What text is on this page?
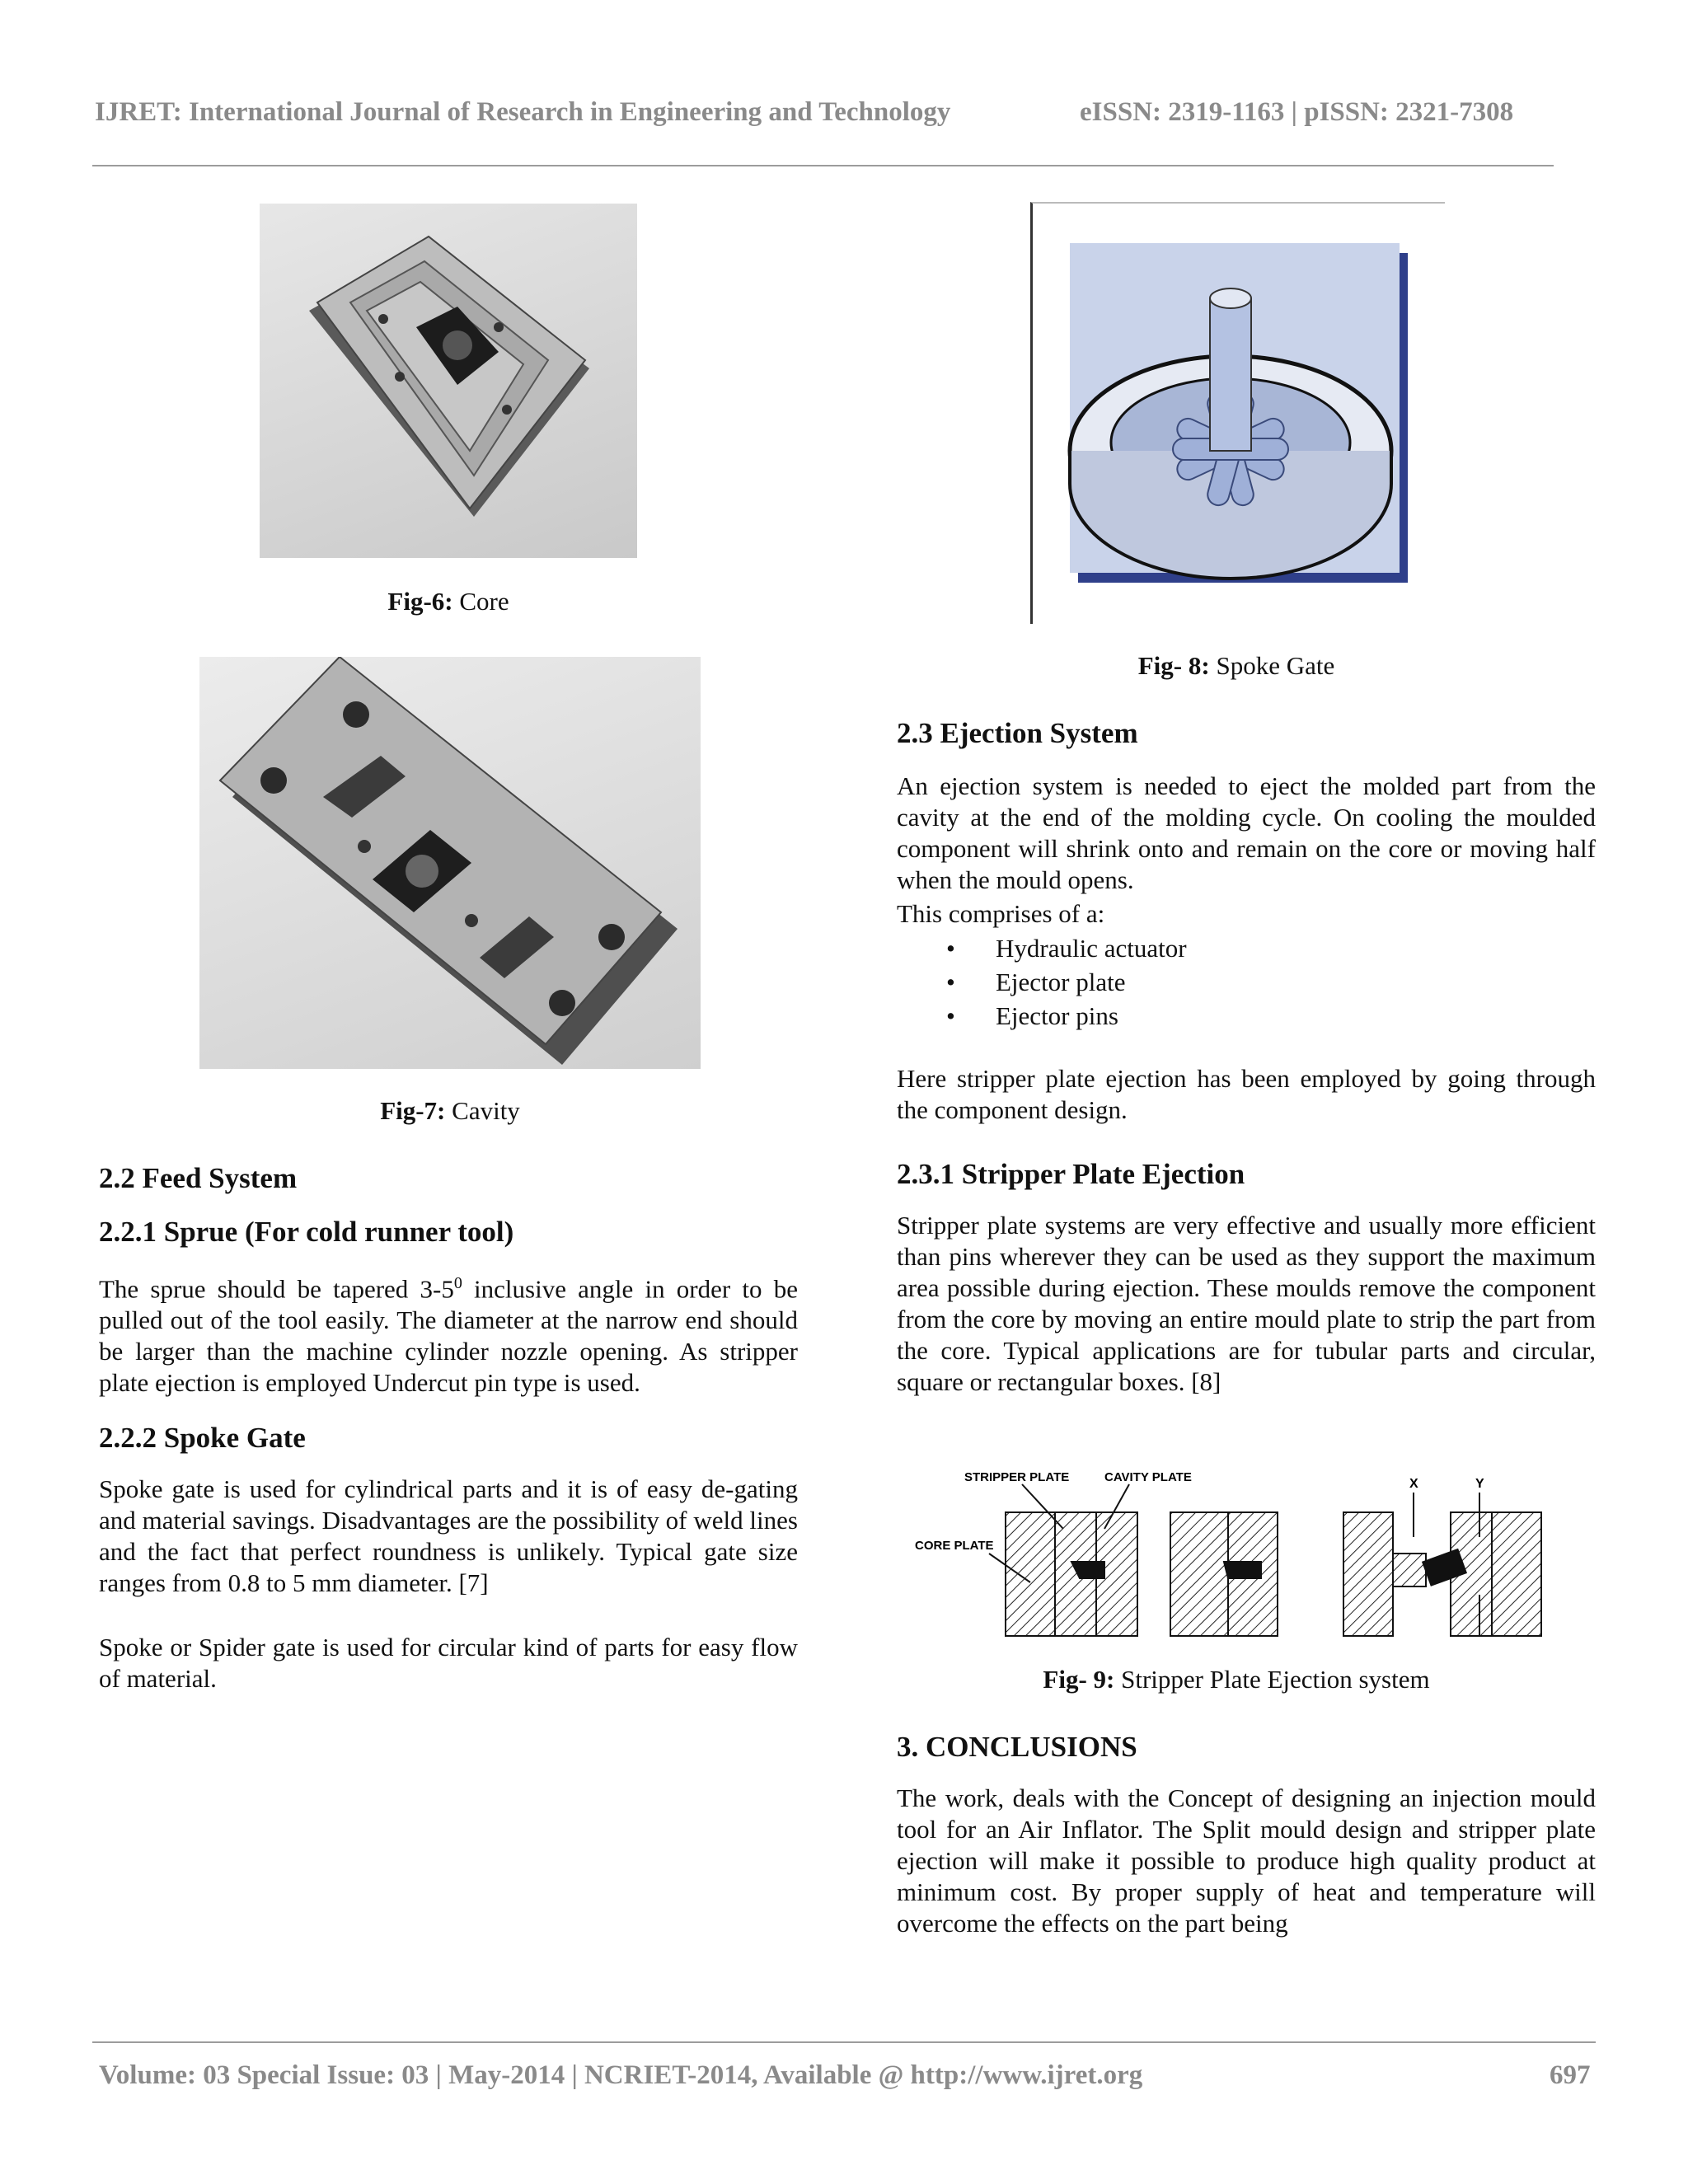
IJRET: International Journal of Research in Engineering and Technology	eISSN: 2319-1163 | pISSN: 2321-7308
Fig-6: Core
Fig-7: Cavity
2.2 Feed System
2.2.1 Sprue (For cold runner tool)

The sprue should be tapered $3-5^0$ inclusive angle in order to be pulled out of the tool easily. The diameter at the narrow end should be larger than the machine cylinder nozzle opening. As stripper plate ejection is employed Undercut pin type is used.

2.2.2 Spoke Gate

Spoke gate is used for cylindrical parts and it is of easy de-gating and material savings. Disadvantages are the possibility of weld lines and the fact that perfect roundness is unlikely. Typical gate size ranges from 0.8 to 5 mm diameter. [7]

Spoke or Spider gate is used for circular kind of parts for easy flow of material.

Fig- 8: Spoke Gate
2.3 Ejection System

An ejection system is needed to eject the molded part from the cavity at the end of the molding cycle. On cooling the moulded component will shrink onto and remain on the core or moving half when the mould opens.

This comprises of a:

• Hydraulic actuator
• Ejector plate
• Ejector pins

Here stripper plate ejection has been employed by going through the component design.

2.3.1 Stripper Plate Ejection

Stripper plate systems are very effective and usually more efficient than pins wherever they can be used as they support the maximum area possible during ejection. These moulds remove the component from the core by moving an entire mould plate to strip the part from the core. Typical applications are for tubular parts and circular, square or rectangular boxes. [8]

STRIPPER PLATE	CAVITY PLATE
CORE PLATE
X	Y
Fig- 9: Stripper Plate Ejection system
3. CONCLUSIONS

The work, deals with the Concept of designing an injection mould tool for an Air Inflator. The Split mould design and stripper plate ejection will make it possible to produce high quality product at minimum cost. By proper supply of heat and temperature will overcome the effects on the part being

Volume: 03 Special Issue: 03 | May-2014 | NCRIET-2014, Available @ http://www.ijret.org	697
